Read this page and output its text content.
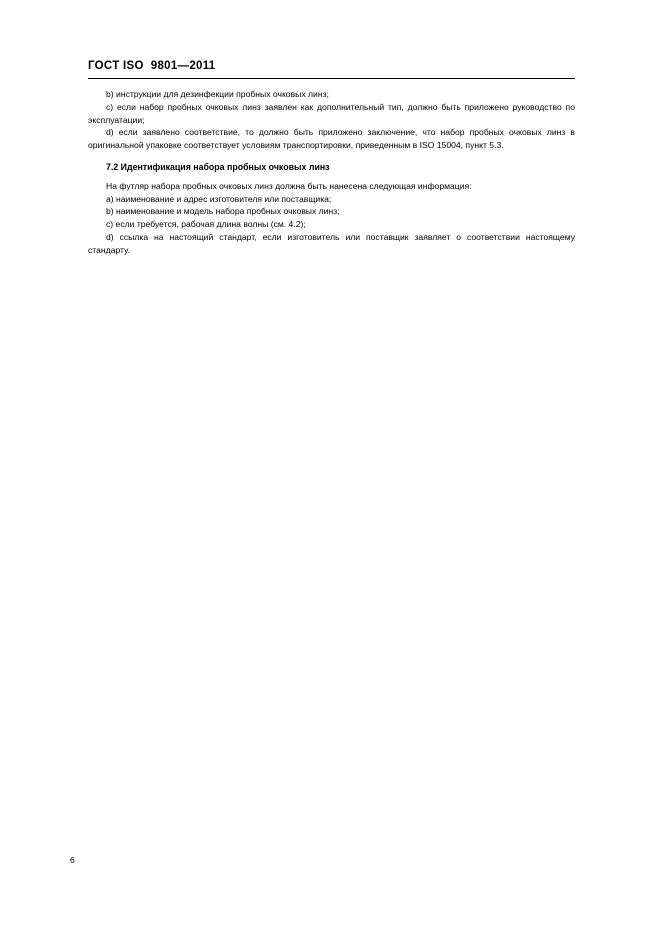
ГОСТ ISO  9801—2011

b) инструкции для дезинфекции пробных очковых линз;

c) если набор пробных очковых линз заявлен как дополнительный тип, должно быть приложено руководство по эксплуатации;

d) если заявлено соответствие, то должно быть приложено заключение, что набор пробных очковых линз в оригинальной упаковке соответствует условиям транспортировки, приведенным в ISO 15004, пункт 5.3.

7.2 Идентификация набора пробных очковых линз

На футляр набора пробных очковых линз должна быть нанесена следующая информация:

a) наименование и адрес изготовителя или поставщика;

b) наименование и модель набора пробных очковых линз;

c) если требуется, рабочая длина волны (см. 4.2);

d) ссылка на настоящий стандарт, если изготовитель или поставщик заявляет о соответствии настоящему стандарту.

6
